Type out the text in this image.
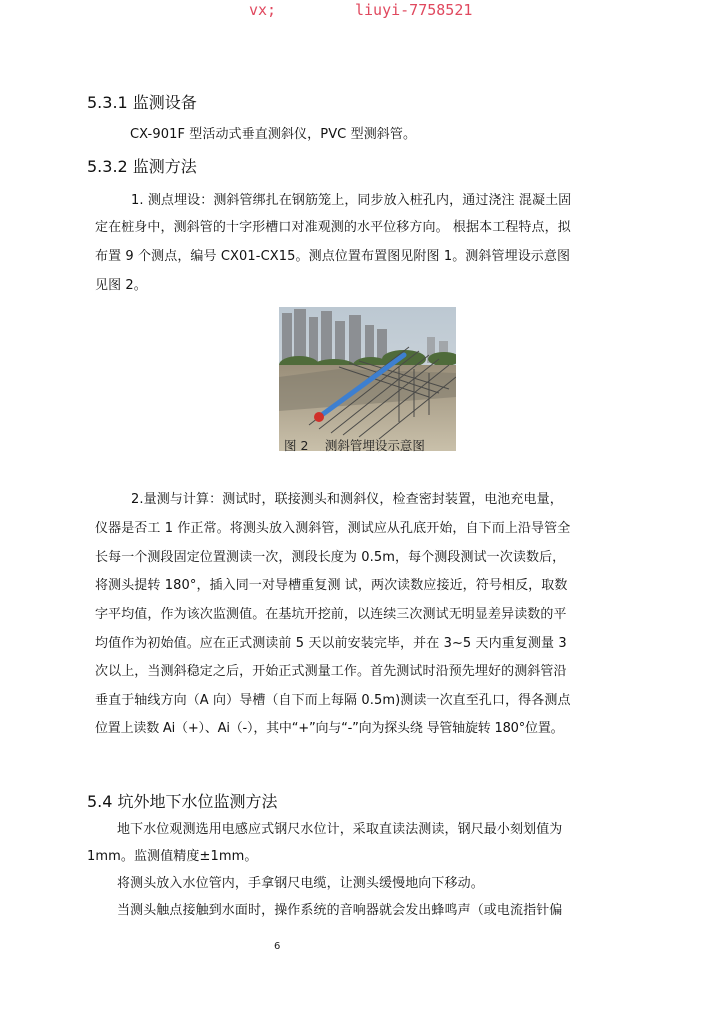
vx;	liuyi-7758521
5.3.1 监测设备
CX-901F 型活动式垂直测斜仪，PVC 型测斜管。
5.3.2 监测方法
1. 测点埋设：测斜管绑扎在钢筋笼上，同步放入桩孔内，通过浇注 混凝土固
定在桩身中，测斜管的十字形槽口对准观测的水平位移方向。 根据本工程特点，拟
布置 9 个测点，编号 CX01-CX15。测点位置布置图见附图 1。测斜管埋设示意图
见图 2。
图 2　 测斜管埋设示意图
2.量测与计算：测试时，联接测头和测斜仪，检查密封装置，电池充电量，
仪器是否工 1 作正常。将测头放入测斜管，测试应从孔底开始，自下而上沿导管全
长每一个测段固定位置测读一次，测段长度为 0.5m，每个测段测试一次读数后，
将测头提转 180°，插入同一对导槽重复测 试，两次读数应接近，符号相反，取数
字平均值，作为该次监测值。在基坑开挖前，以连续三次测试无明显差异读数的平
均值作为初始值。应在正式测读前 5 天以前安装完毕，并在 3~5 天内重复测量 3
次以上，当测斜稳定之后，开始正式测量工作。首先测试时沿预先埋好的测斜管沿
垂直于轴线方向（A 向）导槽（自下而上每隔 0.5m)测读一次直至孔口，得各测点
位置上读数 Ai（+）、Ai（-），其中“+”向与“-”向为探头绕 导管轴旋转 180°位置。
5.4 坑外地下水位监测方法
地下水位观测选用电感应式钢尺水位计，采取直读法测读，钢尺最小刻划值为
1mm。监测值精度±1mm。
将测头放入水位管内，手拿钢尺电缆，让测头缓慢地向下移动。
当测头触点接触到水面时，操作系统的音响器就会发出蜂鸣声（或电流指针偏
6
